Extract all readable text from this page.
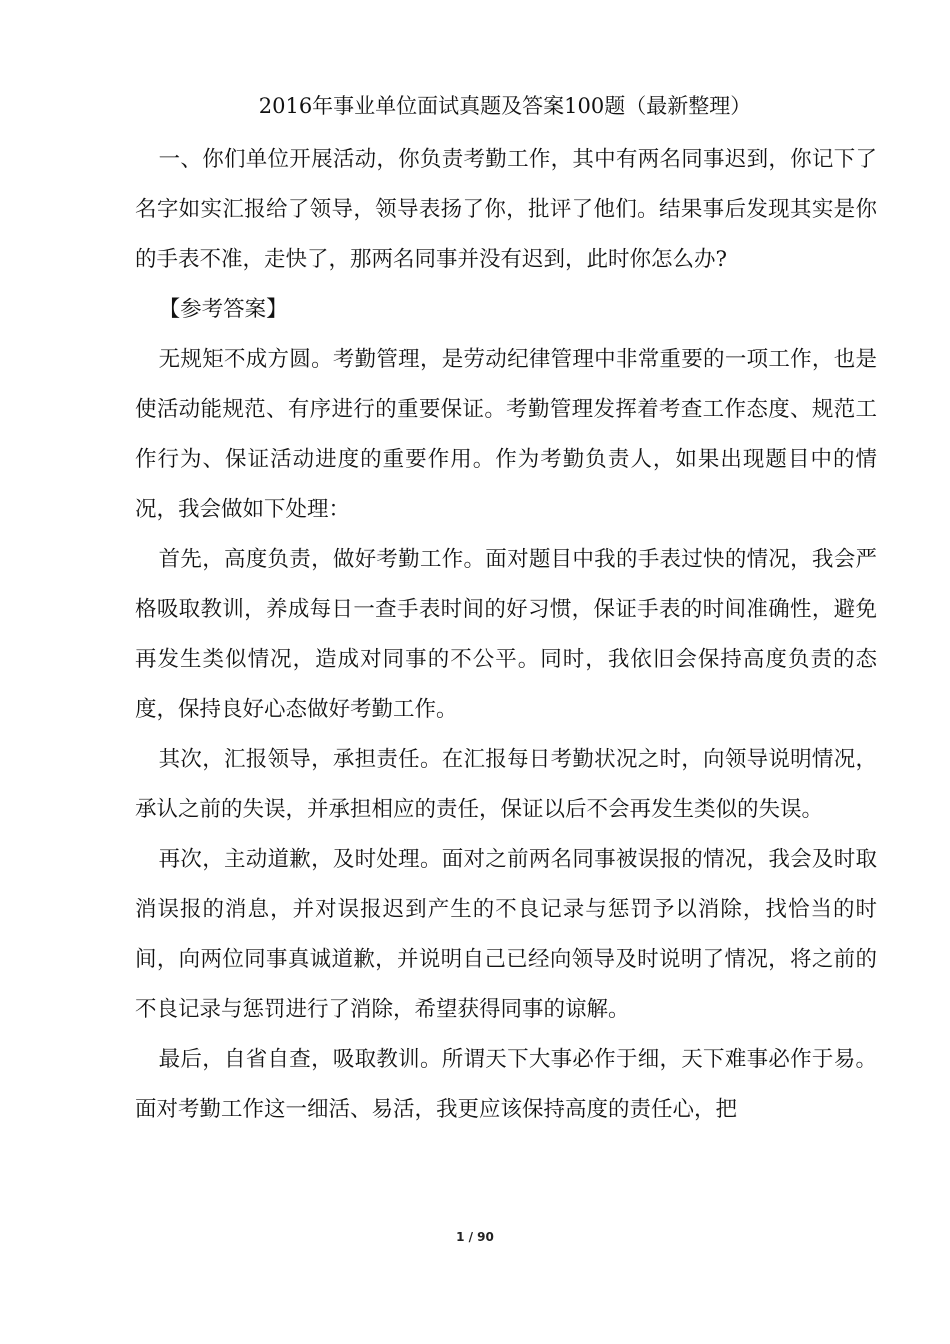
2016年事业单位面试真题及答案100题（最新整理）

一、你们单位开展活动，你负责考勤工作，其中有两名同事迟到，你记下了名字如实汇报给了领导，领导表扬了你，批评了他们。结果事后发现其实是你的手表不准，走快了，那两名同事并没有迟到，此时你怎么办?

【参考答案】

无规矩不成方圆。考勤管理，是劳动纪律管理中非常重要的一项工作，也是使活动能规范、有序进行的重要保证。考勤管理发挥着考查工作态度、规范工作行为、保证活动进度的重要作用。作为考勤负责人，如果出现题目中的情况，我会做如下处理：

首先，高度负责，做好考勤工作。面对题目中我的手表过快的情况，我会严格吸取教训，养成每日一查手表时间的好习惯，保证手表的时间准确性，避免再发生类似情况，造成对同事的不公平。同时，我依旧会保持高度负责的态度，保持良好心态做好考勤工作。

其次，汇报领导，承担责任。在汇报每日考勤状况之时，向领导说明情况，承认之前的失误，并承担相应的责任，保证以后不会再发生类似的失误。

再次，主动道歉，及时处理。面对之前两名同事被误报的情况，我会及时取消误报的消息，并对误报迟到产生的不良记录与惩罚予以消除，找恰当的时间，向两位同事真诚道歉，并说明自己已经向领导及时说明了情况，将之前的不良记录与惩罚进行了消除，希望获得同事的谅解。

最后，自省自查，吸取教训。所谓天下大事必作于细，天下难事必作于易。面对考勤工作这一细活、易活，我更应该保持高度的责任心，把

1 / 90
